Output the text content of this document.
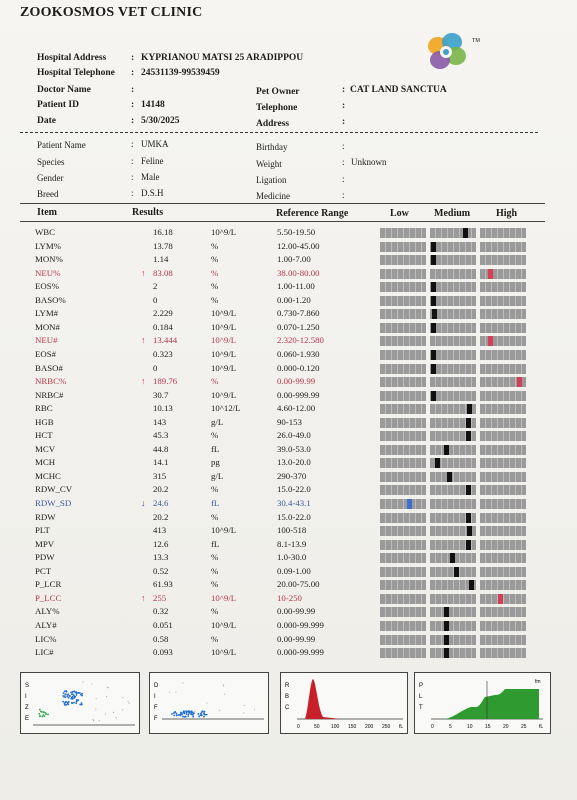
ZOOKOSMOS VET CLINIC
TM
Hospital Address	: KYPRIANOU MATSI 25 ARADIPPOU
Hospital Telephone : 24531139-99539459
Doctor Name	:	Pet Owner	: CAT LAND SANCTUA
Patient ID	: 14148	Telephone	:
Date	: 5/30/2025	Address	:
Patient Name	: UMKA	Birthday	:
Species	: Feline	Weight	: Unknown
Gender	: Male	Ligation	:
Breed	: D.S.H	Medicine	:
Item	Results	Reference Range	Low	Medium	High
WBC	16.18	10^9/L	5.50-19.50
LYM%	13.78	%	12.00-45.00
MON%	1.14	%	1.00-7.00
NEU%	↑ 83.08	%	38.00-80.00
EOS%	2	%	1.00-11.00
BASO%	0	%	0.00-1.20
LYM#	2.229	10^9/L	0.730-7.860
MON#	0.184	10^9/L	0.070-1.250
NEU#	↑ 13.444	10^9/L	2.320-12.580
EOS#	0.323	10^9/L	0.060-1.930
BASO#	0	10^9/L	0.000-0.120
NRBC%	↑ 189.76	%	0.00-99.99
NRBC#	30.7	10^9/L	0.00-999.99
RBC	10.13	10^12/L	4.60-12.00
HGB	143	g/L	90-153
HCT	45.3	%	26.0-49.0
MCV	44.8	fL	39.0-53.0
MCH	14.1	pg	13.0-20.0
MCHC	315	g/L	290-370
RDW_CV	20.2	%	15.0-22.0
RDW_SD	↓ 24.6	fL	30.4-43.1
RDW	20.2	%	15.0-22.0
PLT	413	10^9/L	100-518
MPV	12.6	fL	8.1-13.9
PDW	13.3	%	1.0-30.0
PCT	0.52	%	0.09-1.00
P_LCR	61.93	%	20.00-75.00
P_LCC	↑ 255	10^9/L	10-250
ALY%	0.32	%	0.00-99.99
ALY#	0.051	10^9/L	0.000-99.999
LIC%	0.58	%	0.00-99.99
LIC#	0.093	10^9/L	0.000-99.999
S
I
Z
E
D
I
F
F
R
B
C
0	50 100 150 200 250 fL
P
L
T
fm
0	5	10 15 20 25 fL
